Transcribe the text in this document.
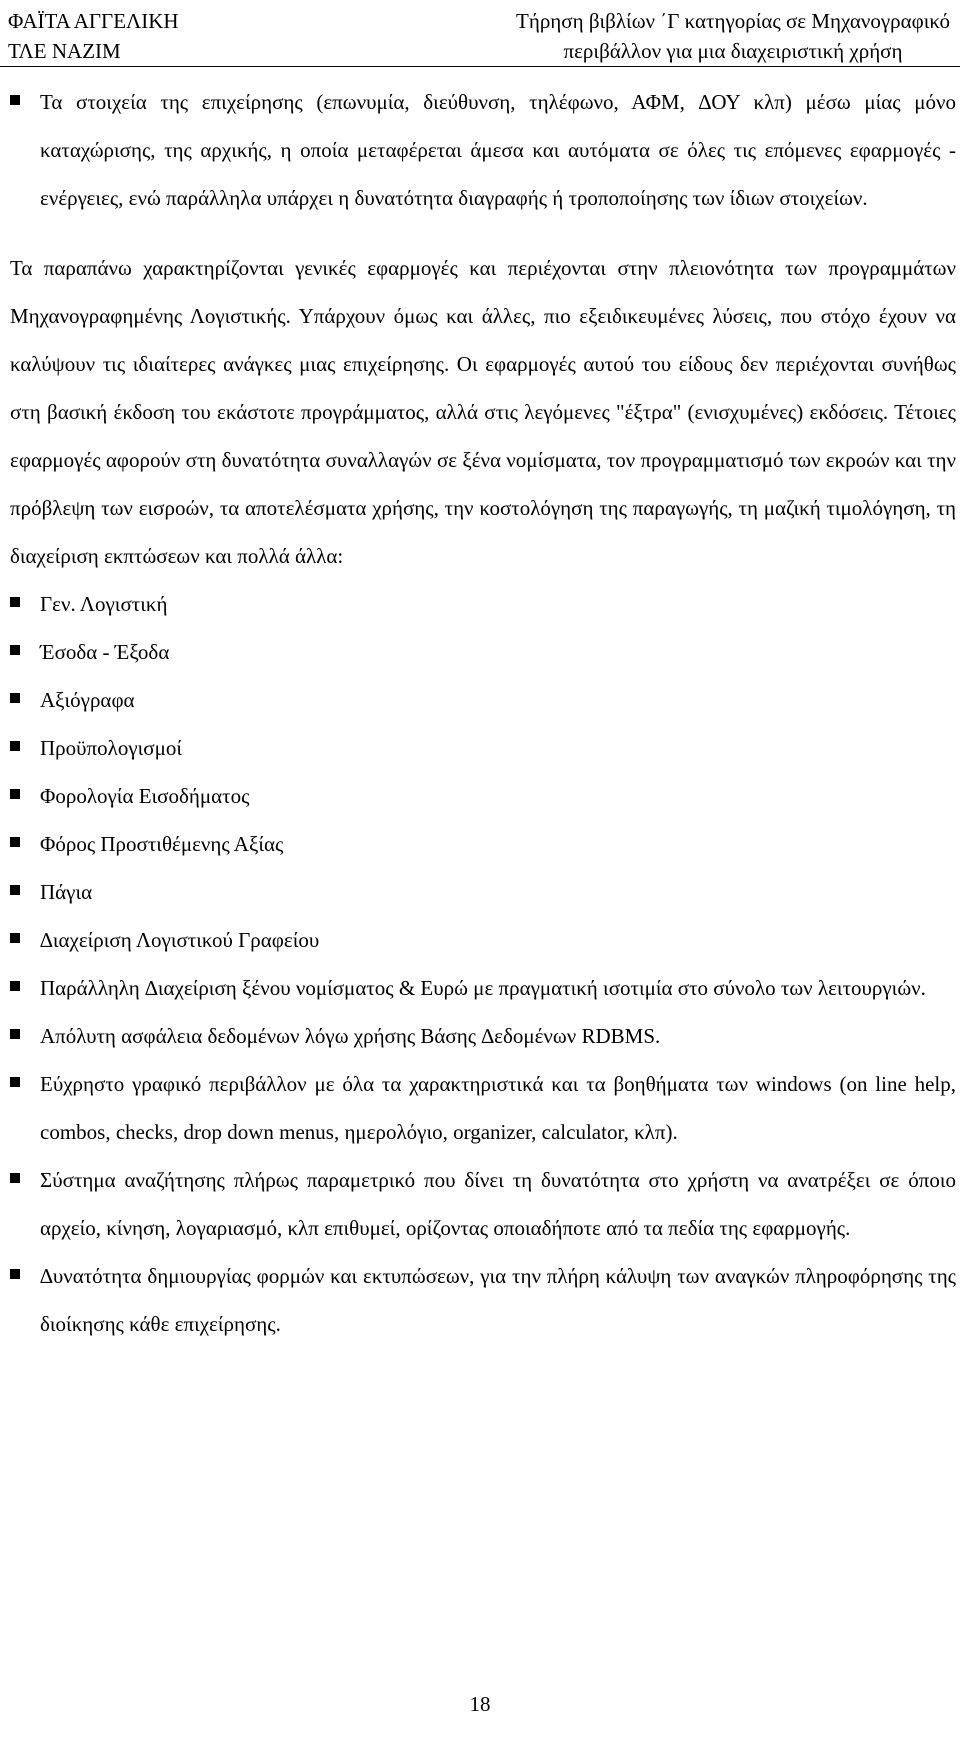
ΦΑΪΤΑ ΑΓΓΕΛΙΚΗ
ΤΛΕ ΝΑΖΙΜ
Τήρηση βιβλίων ΄Γ κατηγορίας σε Μηχανογραφικό
περιβάλλον για μια διαχειριστική χρήση
Τα στοιχεία της επιχείρησης (επωνυμία, διεύθυνση, τηλέφωνο, ΑΦΜ, ∆ΟΥ κλπ) μέσω μίας μόνο καταχώρισης, της αρχικής, η οποία μεταφέρεται άμεσα και αυτόματα σε όλες τις επόμενες εφαρμογές - ενέργειες, ενώ παράλληλα υπάρχει η δυνατότητα διαγραφής ή τροποποίησης των ίδιων στοιχείων.

Τα παραπάνω χαρακτηρίζονται γενικές εφαρμογές και περιέχονται στην πλειονότητα των προγραμμάτων Μηχανογραφημένης Λογιστικής. Υπάρχουν όμως και άλλες, πιο εξειδικευμένες λύσεις, που στόχο έχουν να καλύψουν τις ιδιαίτερες ανάγκες μιας επιχείρησης. Οι εφαρμογές αυτού του είδους δεν περιέχονται συνήθως στη βασική έκδοση του εκάστοτε προγράμματος, αλλά στις λεγόμενες "έξτρα" (ενισχυμένες) εκδόσεις. Τέτοιες εφαρμογές αφορούν στη δυνατότητα συναλλαγών σε ξένα νομίσματα, τον προγραμματισμό των εκροών και την πρόβλεψη των εισροών, τα αποτελέσματα χρήσης, την κοστολόγηση της παραγωγής, τη μαζική τιμολόγηση, τη διαχείριση εκπτώσεων και πολλά άλλα:

Γεν. Λογιστική
Έσοδα - Έξοδα
Αξιόγραφα
Προϋπολογισμοί
Φορολογία Εισοδήματος
Φόρος Προστιθέμενης Αξίας
Πάγια
∆ιαχείριση Λογιστικού Γραφείου
Παράλληλη ∆ιαχείριση ξένου νομίσματος & Ευρώ με πραγματική ισοτιμία στο σύνολο των λειτουργιών.
Απόλυτη ασφάλεια δεδομένων λόγω χρήσης Βάσης ∆εδομένων RDBMS.
Εύχρηστο γραφικό περιβάλλον με όλα τα χαρακτηριστικά και τα βοηθήματα των windows (on line help, combos, checks, drop down menus, ημερολόγιο, organizer, calculator, κλπ).
Σύστημα αναζήτησης πλήρως παραμετρικό που δίνει τη δυνατότητα στο χρήστη να ανατρέξει σε όποιο αρχείο, κίνηση, λογαριασμό, κλπ επιθυμεί, ορίζοντας οποιαδήποτε από τα πεδία της εφαρμογής.
∆υνατότητα δημιουργίας φορμών και εκτυπώσεων, για την πλήρη κάλυψη των αναγκών πληροφόρησης της διοίκησης κάθε επιχείρησης.
18
